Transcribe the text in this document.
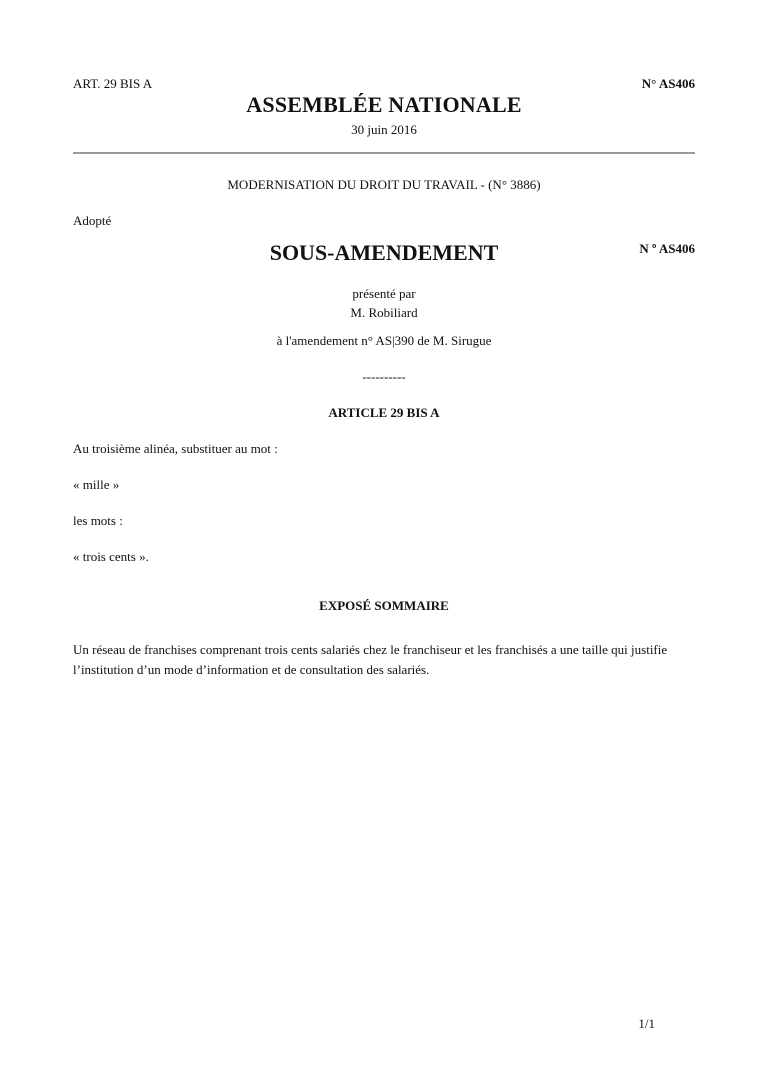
ART. 29 BIS A	N° AS406
ASSEMBLÉE NATIONALE
30 juin 2016
MODERNISATION DU DROIT DU TRAVAIL - (N° 3886)
Adopté
SOUS-AMENDEMENT	N º AS406
présenté par
M. Robiliard
à l'amendement n° AS|390 de M. Sirugue
----------
ARTICLE 29 BIS A
Au troisième alinéa, substituer au mot :
« mille »
les mots :
« trois cents ».
EXPOSÉ SOMMAIRE
Un réseau de franchises comprenant trois cents salariés chez le franchiseur et les franchisés a une taille qui justifie l’institution d’un mode d’information et de consultation des salariés.
1/1
